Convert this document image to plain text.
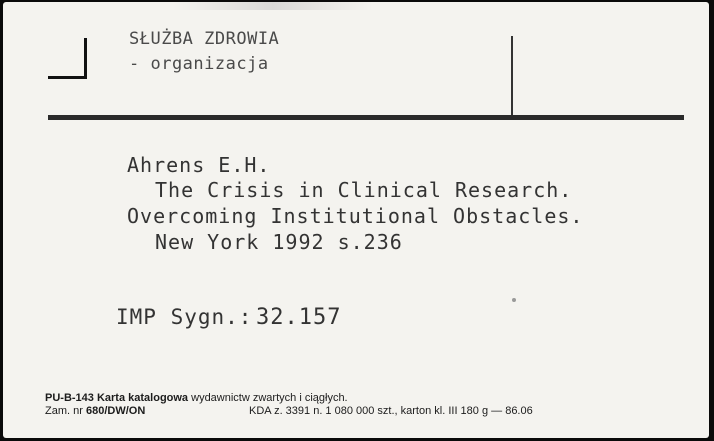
SŁUŻBA ZDROWIA
- organizacja
Ahrens E.H.
The Crisis in Clinical Research.
Overcoming Institutional Obstacles.
New York 1992 s.236
IMP Sygn.: 32.157
PU-B-143 Karta katalogowa wydawnictw zwartych i ciągłych.
Zam. nr 680/DW/ON	KDA z. 3391 n. 1 080 000 szt., karton kl. III 180 g — 86.06
